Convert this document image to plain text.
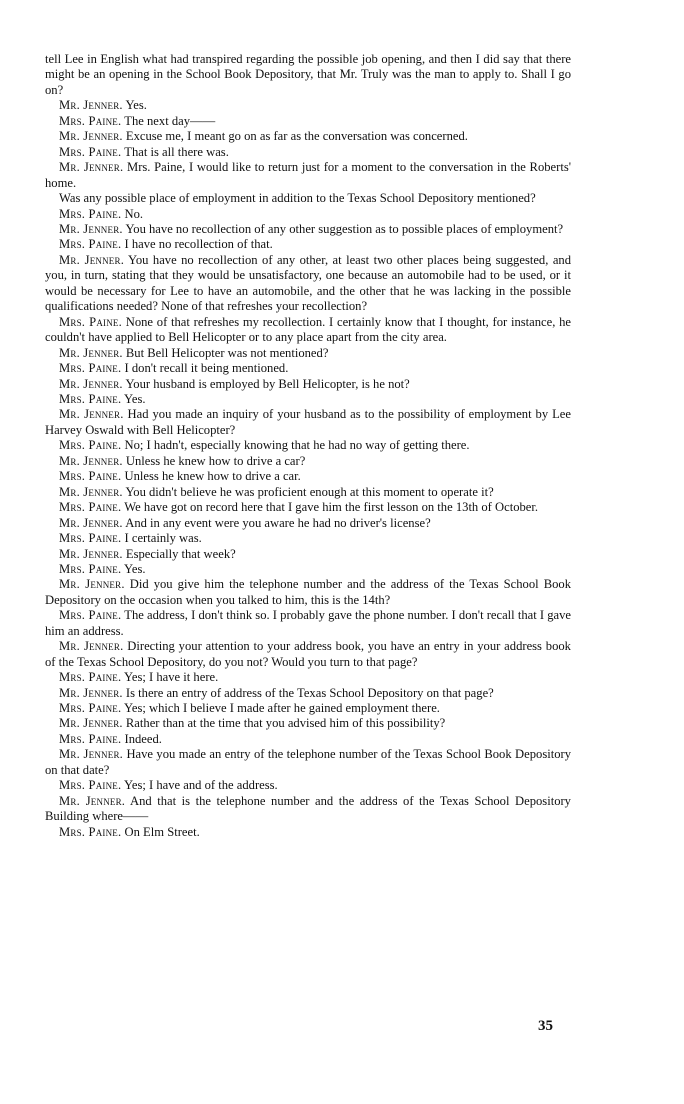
tell Lee in English what had transpired regarding the possible job opening, and then I did say that there might be an opening in the School Book Depository, that Mr. Truly was the man to apply to. Shall I go on?

Mr. Jenner. Yes.

Mrs. Paine. The next day——

Mr. Jenner. Excuse me, I meant go on as far as the conversation was concerned.

Mrs. Paine. That is all there was.

Mr. Jenner. Mrs. Paine, I would like to return just for a moment to the conversation in the Roberts' home.

Was any possible place of employment in addition to the Texas School Depository mentioned?

Mrs. Paine. No.

Mr. Jenner. You have no recollection of any other suggestion as to possible places of employment?

Mrs. Paine. I have no recollection of that.

Mr. Jenner. You have no recollection of any other, at least two other places being suggested, and you, in turn, stating that they would be unsatisfactory, one because an automobile had to be used, or it would be necessary for Lee to have an automobile, and the other that he was lacking in the possible qualifications needed? None of that refreshes your recollection?

Mrs. Paine. None of that refreshes my recollection. I certainly know that I thought, for instance, he couldn't have applied to Bell Helicopter or to any place apart from the city area.

Mr. Jenner. But Bell Helicopter was not mentioned?

Mrs. Paine. I don't recall it being mentioned.

Mr. Jenner. Your husband is employed by Bell Helicopter, is he not?

Mrs. Paine. Yes.

Mr. Jenner. Had you made an inquiry of your husband as to the possibility of employment by Lee Harvey Oswald with Bell Helicopter?

Mrs. Paine. No; I hadn't, especially knowing that he had no way of getting there.

Mr. Jenner. Unless he knew how to drive a car?

Mrs. Paine. Unless he knew how to drive a car.

Mr. Jenner. You didn't believe he was proficient enough at this moment to operate it?

Mrs. Paine. We have got on record here that I gave him the first lesson on the 13th of October.

Mr. Jenner. And in any event were you aware he had no driver's license?

Mrs. Paine. I certainly was.

Mr. Jenner. Especially that week?

Mrs. Paine. Yes.

Mr. Jenner. Did you give him the telephone number and the address of the Texas School Book Depository on the occasion when you talked to him, this is the 14th?

Mrs. Paine. The address, I don't think so. I probably gave the phone number. I don't recall that I gave him an address.

Mr. Jenner. Directing your attention to your address book, you have an entry in your address book of the Texas School Depository, do you not? Would you turn to that page?

Mrs. Paine. Yes; I have it here.

Mr. Jenner. Is there an entry of address of the Texas School Depository on that page?

Mrs. Paine. Yes; which I believe I made after he gained employment there.

Mr. Jenner. Rather than at the time that you advised him of this possibility?

Mrs. Paine. Indeed.

Mr. Jenner. Have you made an entry of the telephone number of the Texas School Book Depository on that date?

Mrs. Paine. Yes; I have and of the address.

Mr. Jenner. And that is the telephone number and the address of the Texas School Depository Building where——

Mrs. Paine. On Elm Street.

35
